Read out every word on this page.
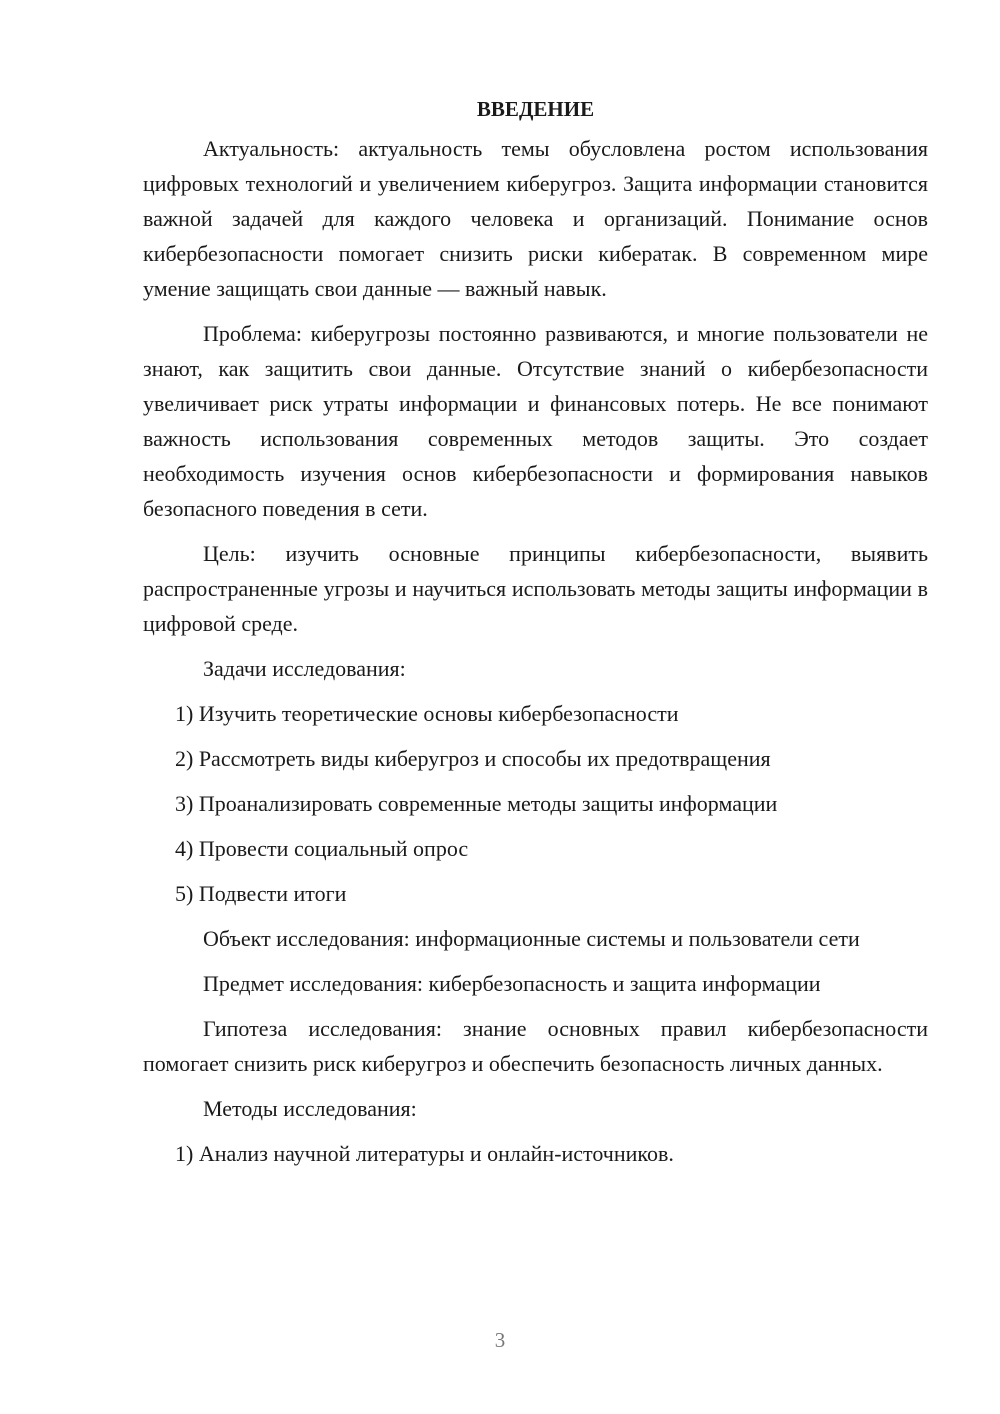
ВВЕДЕНИЕ

Актуальность: актуальность темы обусловлена ростом использования цифровых технологий и увеличением киберугроз. Защита информации становится важной задачей для каждого человека и организаций. Понимание основ кибербезопасности помогает снизить риски кибератак. В современном мире умение защищать свои данные — важный навык.

Проблема: киберугрозы постоянно развиваются, и многие пользователи не знают, как защитить свои данные. Отсутствие знаний о кибербезопасности увеличивает риск утраты информации и финансовых потерь. Не все понимают важность использования современных методов защиты. Это создает необходимость изучения основ кибербезопасности и формирования навыков безопасного поведения в сети.

Цель: изучить основные принципы кибербезопасности, выявить распространенные угрозы и научиться использовать методы защиты информации в цифровой среде.

Задачи исследования:

1) Изучить теоретические основы кибербезопасности
2) Рассмотреть виды киберугроз и способы их предотвращения
3) Проанализировать современные методы защиты информации
4) Провести социальный опрос
5) Подвести итоги

Объект исследования: информационные системы и пользователи сети

Предмет исследования: кибербезопасность и защита информации

Гипотеза исследования: знание основных правил кибербезопасности помогает снизить риск киберугроз и обеспечить безопасность личных данных.

Методы исследования:

1) Анализ научной литературы и онлайн-источников.
3
